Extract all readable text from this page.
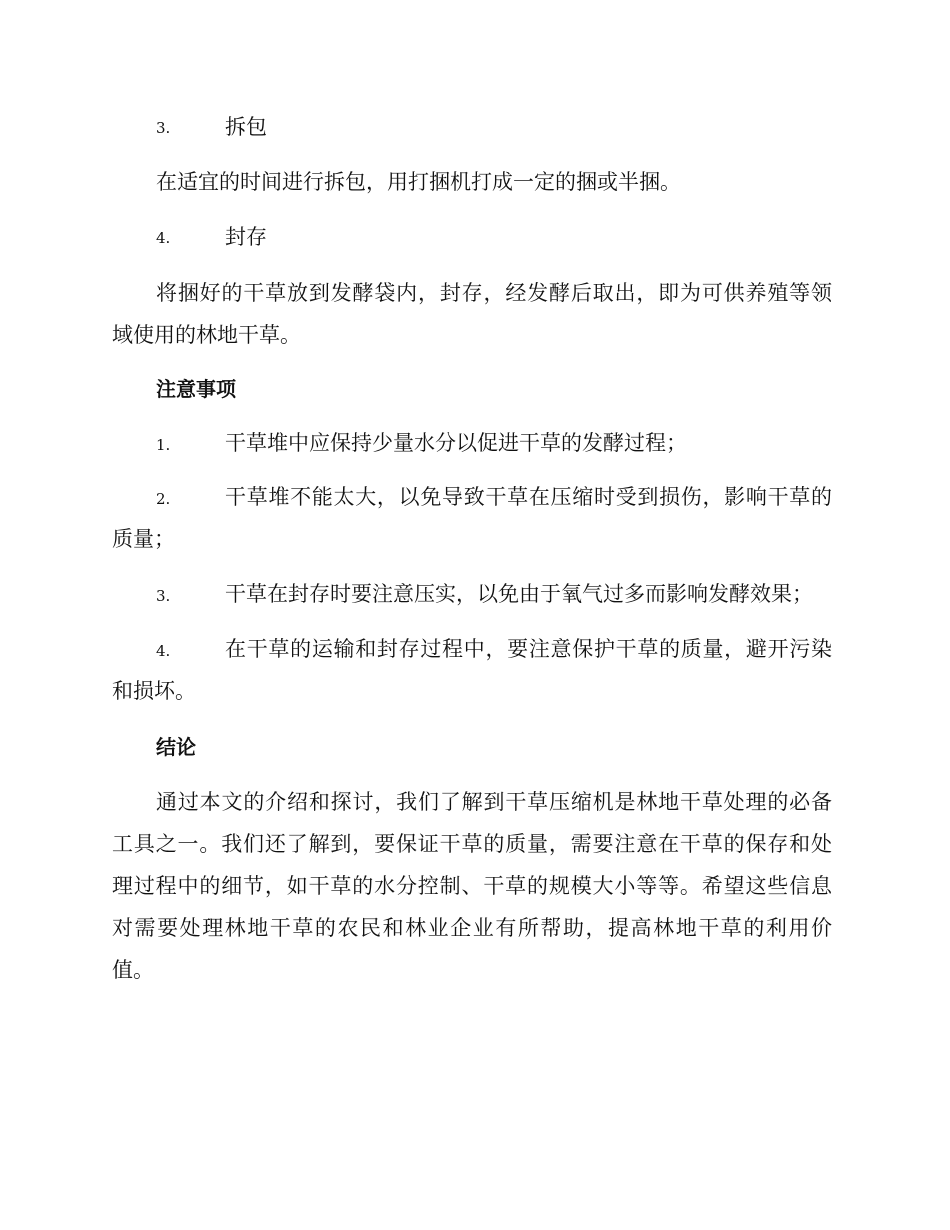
3.	拆包
在适宜的时间进行拆包，用打捆机打成一定的捆或半捆。
4.	封存
将捆好的干草放到发酵袋内，封存，经发酵后取出，即为可供养殖等领
域使用的林地干草。
注意事项
1.	干草堆中应保持少量水分以促进干草的发酵过程；
2.	干草堆不能太大，以免导致干草在压缩时受到损伤，影响干草的
质量；
3.	干草在封存时要注意压实，以免由于氧气过多而影响发酵效果；
4.	在干草的运输和封存过程中，要注意保护干草的质量，避开污染
和损坏。
结论
通过本文的介绍和探讨，我们了解到干草压缩机是林地干草处理的必备
工具之一。我们还了解到，要保证干草的质量，需要注意在干草的保存和处
理过程中的细节，如干草的水分控制、干草的规模大小等等。希望这些信息
对需要处理林地干草的农民和林业企业有所帮助，提高林地干草的利用价
值。
